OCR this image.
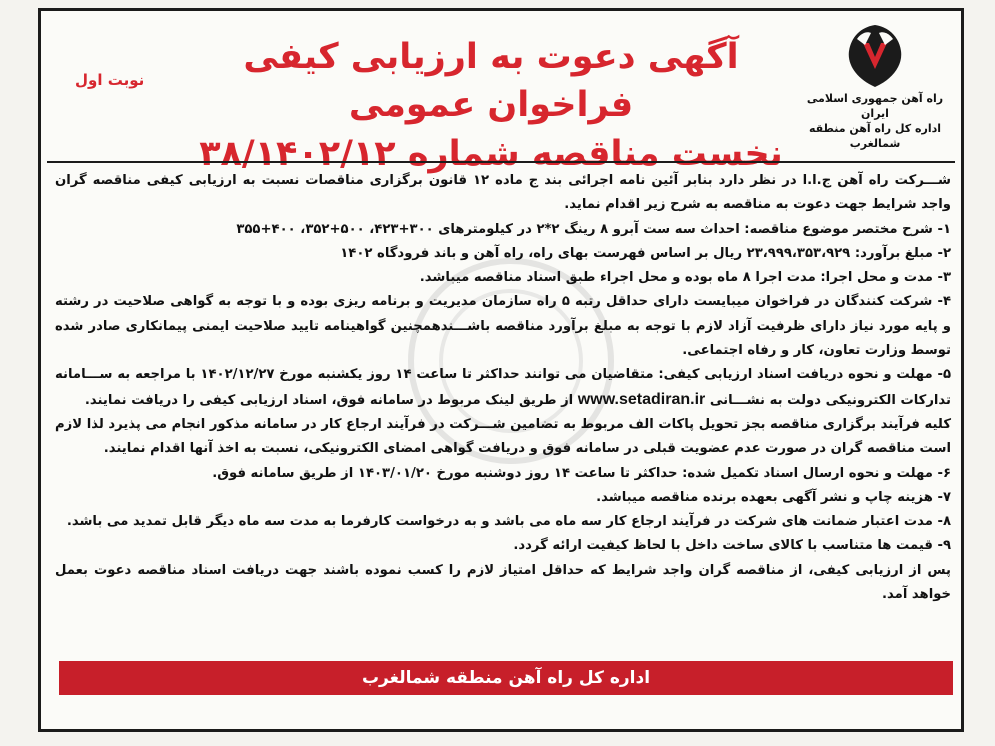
راه آهن جمهوری اسلامی ایران
اداره کل راه آهن منطقه شمالغرب
نوبت اول
آگهی دعوت به ارزیابی کیفی فراخوان عمومی
نخست مناقصه شماره ۳۸/۱۴۰۲/۱۲

شـــرکت راه آهن ج.ا.ا در نظر دارد بنابر آئین نامه اجرائی بند ج ماده ۱۲ قانون برگزاری مناقصات نسبت به ارزیابی کیفی مناقصه گران واجد شرایط جهت دعوت به مناقصه به شرح زیر اقدام نماید.

۱- شرح مختصر موضوع مناقصه: احداث سه ست آبرو ۸ رینگ ۲*۲ در کیلومترهای ۳۰۰+۴۲۳، ۵۰۰+۳۵۲، ۴۰۰+۳۵۵

۲- مبلغ برآورد: ۲۳،۹۹۹،۳۵۳،۹۲۹ ریال بر اساس فهرست بهای راه، راه آهن و باند فرودگاه ۱۴۰۲

۳- مدت و محل اجرا: مدت اجرا ۸ ماه بوده و محل اجراء طبق اسناد مناقصه میباشد.

۴- شرکت کنندگان در فراخوان میبایست دارای حداقل رتبه ۵ راه سازمان مدیریت و برنامه ریزی بوده و با توجه به گواهی صلاحیت در رشته و پایه مورد نیاز دارای ظرفیت آزاد لازم با توجه به مبلغ برآورد مناقصه باشـــندهمچنین گواهینامه تایید صلاحیت ایمنی پیمانکاری صادر شده توسط وزارت تعاون، کار و رفاه اجتماعی.

۵- مهلت و نحوه دریافت اسناد ارزیابی کیفی: متقاضیان می توانند حداکثر تا ساعت ۱۴ روز یکشنبه مورخ ۱۴۰۲/۱۲/۲۷ با مراجعه به ســـامانه تدارکات الکترونیکی دولت به نشـــانی www.setadiran.ir از طریق لینک مربوط در سامانه فوق، اسناد ارزیابی کیفی را دریافت نمایند.

کلیه فرآیند برگزاری مناقصه بجز تحویل پاکات الف مربوط به تضامین شـــرکت در فرآیند ارجاع کار در سامانه مذکور انجام می پذیرد لذا لازم است مناقصه گران در صورت عدم عضویت قبلی در سامانه فوق و دریافت گواهی امضای الکترونیکی، نسبت به اخذ آنها اقدام نمایند.

۶- مهلت و نحوه ارسال اسناد تکمیل شده: حداکثر تا ساعت ۱۴ روز دوشنبه مورخ ۱۴۰۳/۰۱/۲۰ از طریق سامانه فوق.

۷- هزینه چاپ و نشر آگهی بعهده برنده مناقصه میباشد.

۸- مدت اعتبار ضمانت های شرکت در فرآیند ارجاع کار سه ماه می باشد و به درخواست کارفرما به مدت سه ماه دیگر قابل تمدید می باشد.

۹- قیمت ها متناسب با کالای ساخت داخل با لحاظ کیفیت ارائه گردد.

پس از ارزیابی کیفی، از مناقصه گران واجد شرایط که حداقل امتیاز لازم را کسب نموده باشند جهت دریافت اسناد مناقصه دعوت بعمل خواهد آمد.

اداره کل راه آهن منطقه شمالغرب
